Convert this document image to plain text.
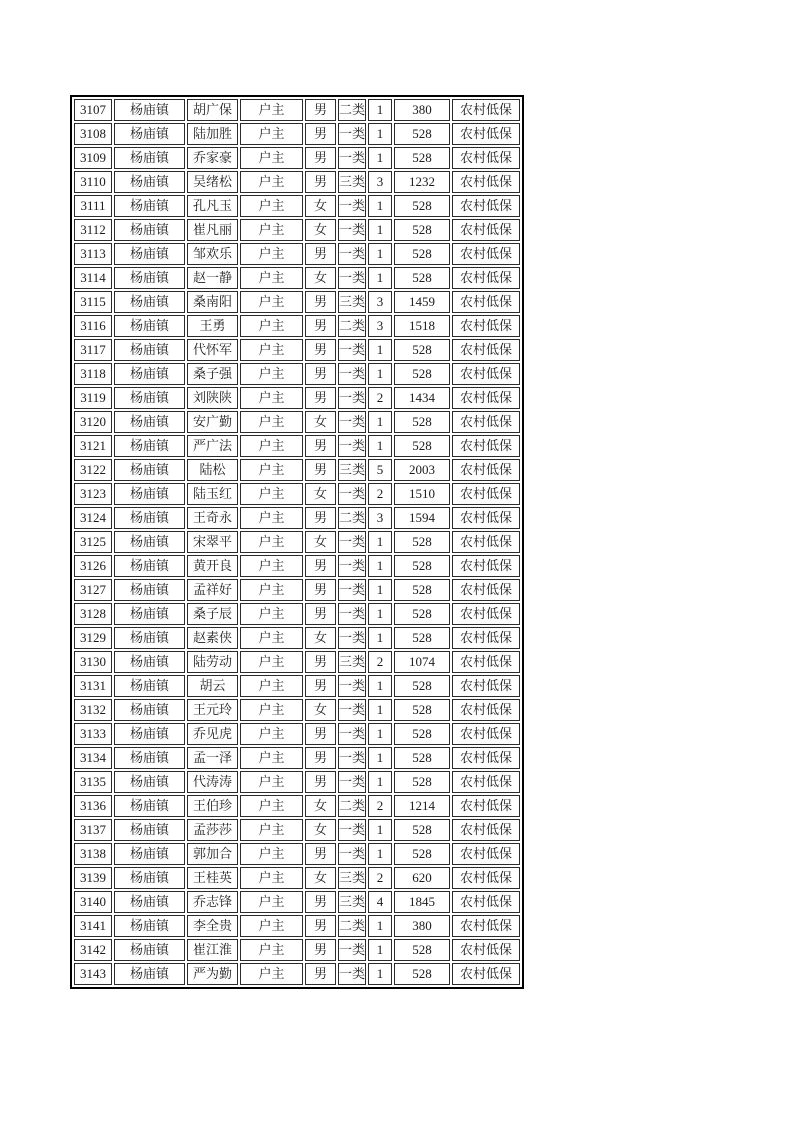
3107	杨庙镇	胡广保	户主	男	二类	1	380	农村低保
3108	杨庙镇	陆加胜	户主	男	一类	1	528	农村低保
3109	杨庙镇	乔家豪	户主	男	一类	1	528	农村低保
3110	杨庙镇	吴绪松	户主	男	三类	3	1232	农村低保
3111	杨庙镇	孔凡玉	户主	女	一类	1	528	农村低保
3112	杨庙镇	崔凡丽	户主	女	一类	1	528	农村低保
3113	杨庙镇	邹欢乐	户主	男	一类	1	528	农村低保
3114	杨庙镇	赵一静	户主	女	一类	1	528	农村低保
3115	杨庙镇	桑南阳	户主	男	三类	3	1459	农村低保
3116	杨庙镇	王勇	户主	男	二类	3	1518	农村低保
3117	杨庙镇	代怀军	户主	男	一类	1	528	农村低保
3118	杨庙镇	桑子强	户主	男	一类	1	528	农村低保
3119	杨庙镇	刘陕陕	户主	男	一类	2	1434	农村低保
3120	杨庙镇	安广勤	户主	女	一类	1	528	农村低保
3121	杨庙镇	严广法	户主	男	一类	1	528	农村低保
3122	杨庙镇	陆松	户主	男	三类	5	2003	农村低保
3123	杨庙镇	陆玉红	户主	女	一类	2	1510	农村低保
3124	杨庙镇	王奇永	户主	男	二类	3	1594	农村低保
3125	杨庙镇	宋翠平	户主	女	一类	1	528	农村低保
3126	杨庙镇	黄开良	户主	男	一类	1	528	农村低保
3127	杨庙镇	孟祥好	户主	男	一类	1	528	农村低保
3128	杨庙镇	桑子辰	户主	男	一类	1	528	农村低保
3129	杨庙镇	赵素侠	户主	女	一类	1	528	农村低保
3130	杨庙镇	陆劳动	户主	男	三类	2	1074	农村低保
3131	杨庙镇	胡云	户主	男	一类	1	528	农村低保
3132	杨庙镇	王元玲	户主	女	一类	1	528	农村低保
3133	杨庙镇	乔见虎	户主	男	一类	1	528	农村低保
3134	杨庙镇	孟一泽	户主	男	一类	1	528	农村低保
3135	杨庙镇	代涛涛	户主	男	一类	1	528	农村低保
3136	杨庙镇	王伯珍	户主	女	二类	2	1214	农村低保
3137	杨庙镇	孟莎莎	户主	女	一类	1	528	农村低保
3138	杨庙镇	郭加合	户主	男	一类	1	528	农村低保
3139	杨庙镇	王桂英	户主	女	三类	2	620	农村低保
3140	杨庙镇	乔志锋	户主	男	三类	4	1845	农村低保
3141	杨庙镇	李全贵	户主	男	二类	1	380	农村低保
3142	杨庙镇	崔江淮	户主	男	一类	1	528	农村低保
3143	杨庙镇	严为勤	户主	男	一类	1	528	农村低保
